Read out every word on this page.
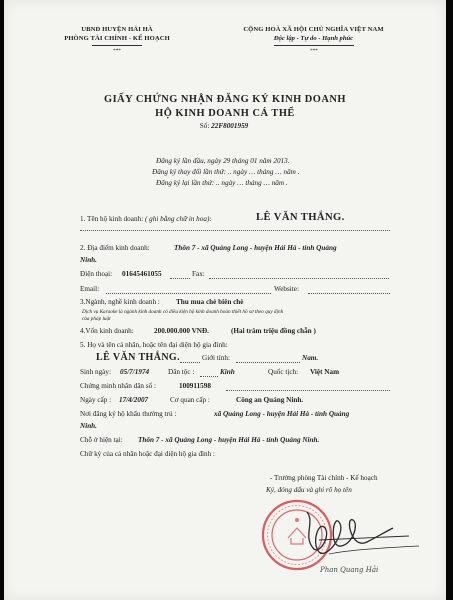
UBND HUYỆN HẢI HÀ
PHÒNG TÀI CHÍNH - KẾ HOẠCH
***
CỘNG HOÀ XÃ HỘI CHỦ NGHĨA VIỆT NAM
Độc lập - Tự do - Hạnh phúc
***
GIẤY CHỨNG NHẬN ĐĂNG KÝ KINH DOANH
HỘ KINH DOANH CÁ THỂ
Số: 22F8001959
Đăng ký lần đầu, ngày 29 tháng 01 năm 2013.
Đăng ký thay đổi lần thứ: .. ngày … tháng … năm .
Đăng ký lại lần thứ: .. ngày … tháng … năm .
1. Tên hộ kinh doanh: ( ghi bằng chữ in hoa):	LÊ VĂN THẮNG.
2. Địa điểm kinh doanh:	Thôn 7 - xã Quảng Long - huyện Hải Hà - tỉnh Quảng
Ninh.
Điện thoại: 01645461055	Fax:
Email:	Website:
3.Ngành, nghề kinh doanh : Thu mua chè biên chè
Dịch vụ Karaoke là ngành kinh doanh có điều kiện hộ kinh doanh hoàn thiết hồ sơ theo quy định
của pháp luật
4.Vốn kinh doanh:	200.000.000 VNĐ.	(Hai trăm triệu đồng chẵn )
5. Họ và tên cá nhân, hoặc tên đại diện hộ gia đình:
LÊ VĂN THẮNG.	Giới tính:	Nam.
Sinh ngày: 05/7/1974	Dân tộc :	Kinh	Quốc tịch: Việt Nam
Chứng minh nhân dân số :	100911598
Ngày cấp : 17/4/2007	Cơ quan cấp :	Công an Quảng Ninh.
Nơi đăng ký hộ khẩu thường trú :	xã Quảng Long - huyện Hải Hà - tỉnh Quảng
Ninh.
Chỗ ở hiện tại: Thôn 7 - xã Quảng Long - huyện Hải Hà - tỉnh Quảng Ninh.
Chữ ký của cá nhân hoặc đại diện hộ gia đình :
- Trưởng phòng Tài chính - Kế hoạch
Ký, đóng dấu và ghi rõ họ tên
Phan Quang Hải
